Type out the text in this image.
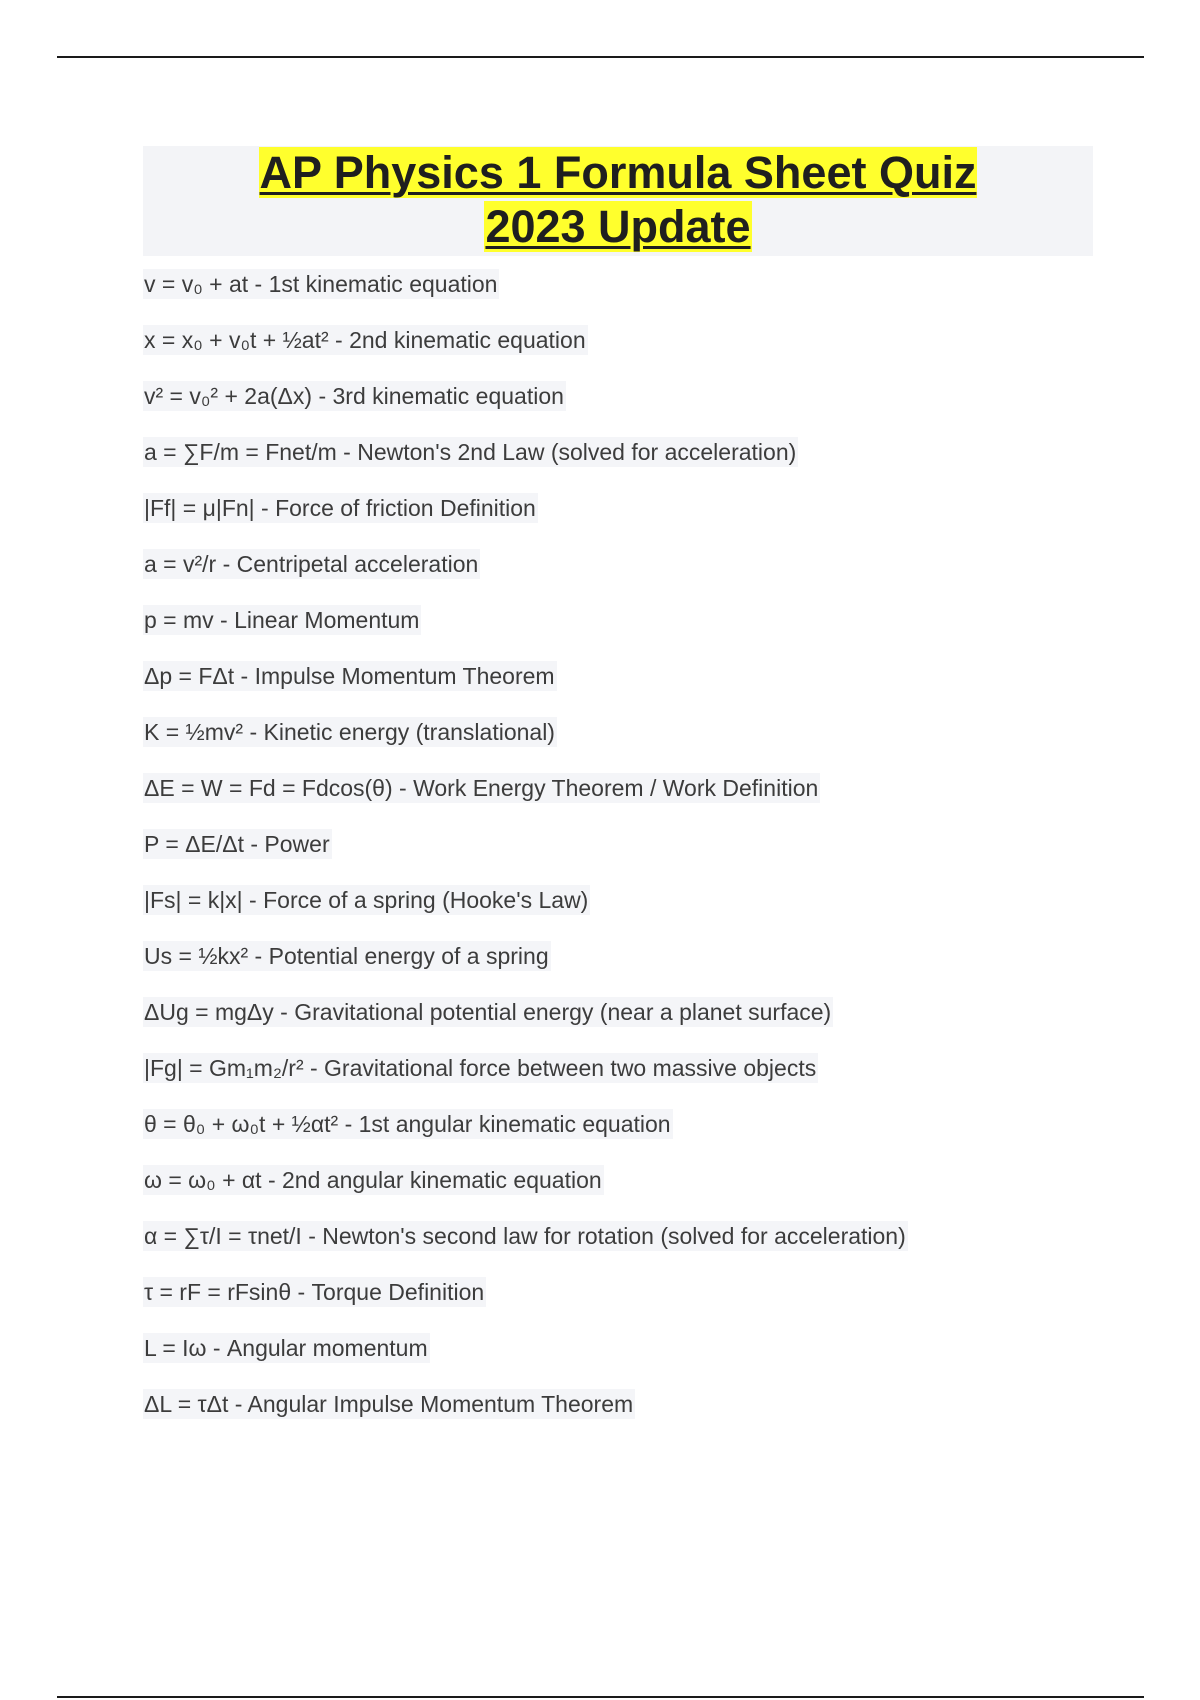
AP Physics 1 Formula Sheet Quiz
2023 Update
v = v₀ + at - 1st kinematic equation
x = x₀ + v₀t + ½at² - 2nd kinematic equation
v² = v₀² + 2a(Δx) - 3rd kinematic equation
a = ∑F/m = Fnet/m - Newton's 2nd Law (solved for acceleration)
|Ff| = μ|Fn| - Force of friction Definition
a = v²/r - Centripetal acceleration
p = mv - Linear Momentum
Δp = FΔt - Impulse Momentum Theorem
K = ½mv² - Kinetic energy (translational)
ΔE = W = Fd = Fdcos(θ) - Work Energy Theorem / Work Definition
P = ΔE/Δt - Power
|Fs| = k|x| - Force of a spring (Hooke's Law)
Us = ½kx² - Potential energy of a spring
ΔUg = mgΔy - Gravitational potential energy (near a planet surface)
|Fg| = Gm₁m₂/r² - Gravitational force between two massive objects
θ = θ₀ + ω₀t + ½αt² - 1st angular kinematic equation
ω = ω₀ + αt - 2nd angular kinematic equation
α = ∑τ/I = τnet/I - Newton's second law for rotation (solved for acceleration)
τ = rF = rFsinθ - Torque Definition
L = Iω - Angular momentum
ΔL = τΔt - Angular Impulse Momentum Theorem
